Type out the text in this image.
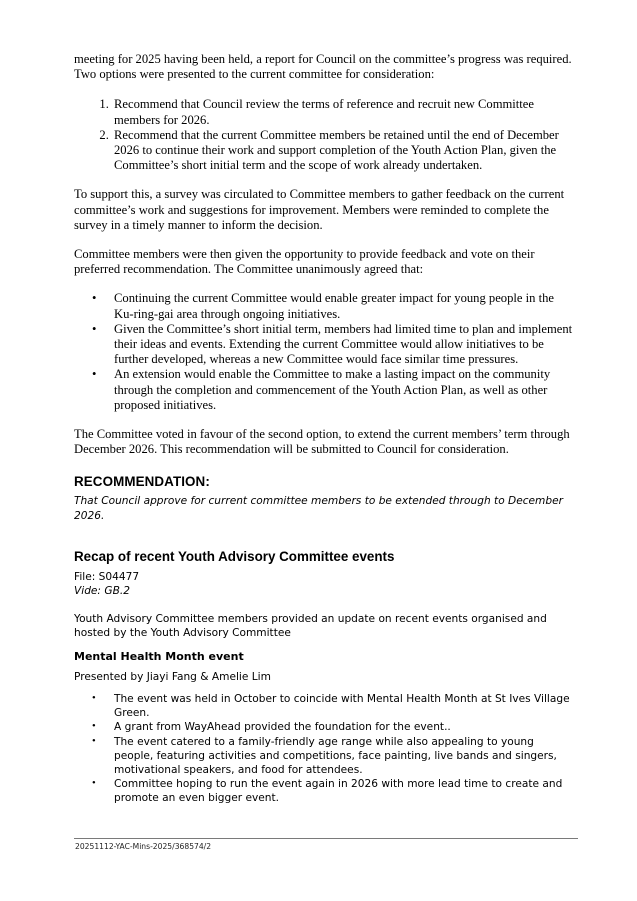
meeting for 2025 having been held, a report for Council on the committee’s progress was required. Two options were presented to the current committee for consideration:

1. Recommend that Council review the terms of reference and recruit new Committee members for 2026.
2. Recommend that the current Committee members be retained until the end of December 2026 to continue their work and support completion of the Youth Action Plan, given the Committee’s short initial term and the scope of work already undertaken.

To support this, a survey was circulated to Committee members to gather feedback on the current committee’s work and suggestions for improvement. Members were reminded to complete the survey in a timely manner to inform the decision.

Committee members were then given the opportunity to provide feedback and vote on their preferred recommendation. The Committee unanimously agreed that:

• Continuing the current Committee would enable greater impact for young people in the Ku-ring-gai area through ongoing initiatives.
• Given the Committee’s short initial term, members had limited time to plan and implement their ideas and events. Extending the current Committee would allow initiatives to be further developed, whereas a new Committee would face similar time pressures.
• An extension would enable the Committee to make a lasting impact on the community through the completion and commencement of the Youth Action Plan, as well as other proposed initiatives.

The Committee voted in favour of the second option, to extend the current members’ term through December 2026. This recommendation will be submitted to Council for consideration.

RECOMMENDATION:

That Council approve for current committee members to be extended through to December 2026.

Recap of recent Youth Advisory Committee events

File: S04477

Vide: GB.2

Youth Advisory Committee members provided an update on recent events organised and hosted by the Youth Advisory Committee

Mental Health Month event

Presented by Jiayi Fang & Amelie Lim

• The event was held in October to coincide with Mental Health Month at St Ives Village Green.
• A grant from WayAhead provided the foundation for the event..
• The event catered to a family-friendly age range while also appealing to young people, featuring activities and competitions, face painting, live bands and singers, motivational speakers, and food for attendees.
• Committee hoping to run the event again in 2026 with more lead time to create and promote an even bigger event.
20251112-YAC-Mins-2025/368574/2
